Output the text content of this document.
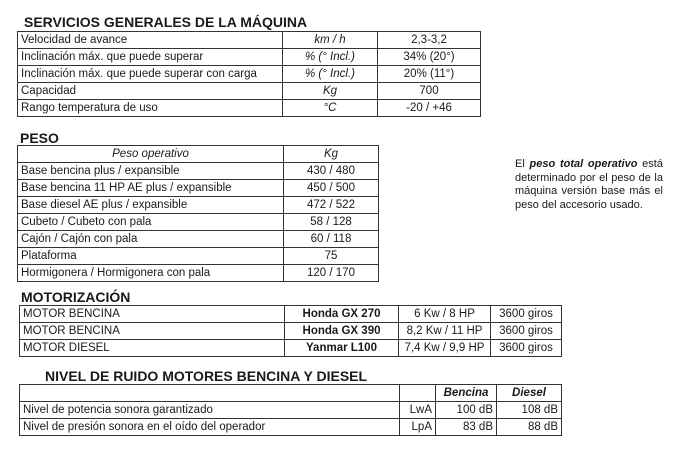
SERVICIOS GENERALES DE LA MÁQUINA
Velocidad de avance	km / h	2,3-3,2
Inclinación máx. que puede superar	% (° Incl.)	34% (20°)
Inclinación máx. que puede superar con carga	% (° Incl.)	20% (11°)
Capacidad	Kg	700
Rango temperatura de uso	°C	-20 / +46
PESO
Peso operativo	Kg
Base bencina plus / expansible	430 / 480
Base bencina 11 HP AE plus / expansible	450 / 500
Base diesel AE plus / expansible	472 / 522
Cubeto / Cubeto con pala	58 / 128
Cajón / Cajón con pala	60 / 118
Plataforma	75
Hormigonera / Hormigonera con pala	120 / 170
El peso total operativo está determinado por el peso de la máquina versión base más el peso del accesorio usado.
MOTORIZACIÓN
MOTOR BENCINA	Honda GX 270	6 Kw / 8 HP	3600 giros
MOTOR BENCINA	Honda GX 390	8,2 Kw / 11 HP	3600 giros
MOTOR DIESEL	Yanmar L100	7,4 Kw / 9,9 HP	3600 giros
NIVEL DE RUIDO MOTORES BENCINA Y DIESEL
		Bencina	Diesel
Nivel de potencia sonora garantizado	LwA	100 dB	108 dB
Nivel de presión sonora en el oído del operador	LpA	83 dB	88 dB
